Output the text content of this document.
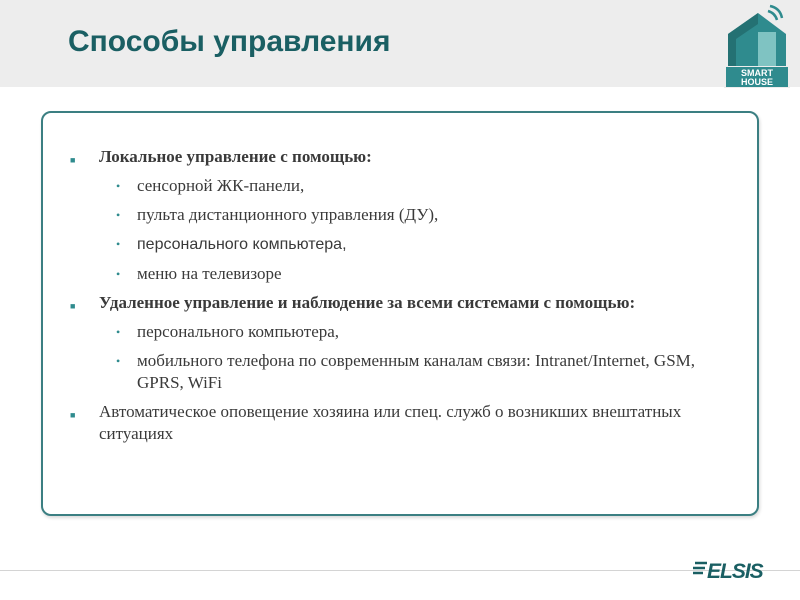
Способы управления
SMART
HOUSE
■ Локальное управление с помощью:
• сенсорной ЖК-панели,
• пульта дистанционного управления (ДУ),
• персонального компьютера,
• меню на телевизоре
■ Удаленное управление и наблюдение за всеми системами с помощью:
• персонального компьютера,
• мобильного телефона по современным каналам связи: Intranet/Internet, GSM, GPRS, WiFi
■ Автоматическое оповещение хозяина или спец. служб о возникших внештатных ситуациях
ELSIS
